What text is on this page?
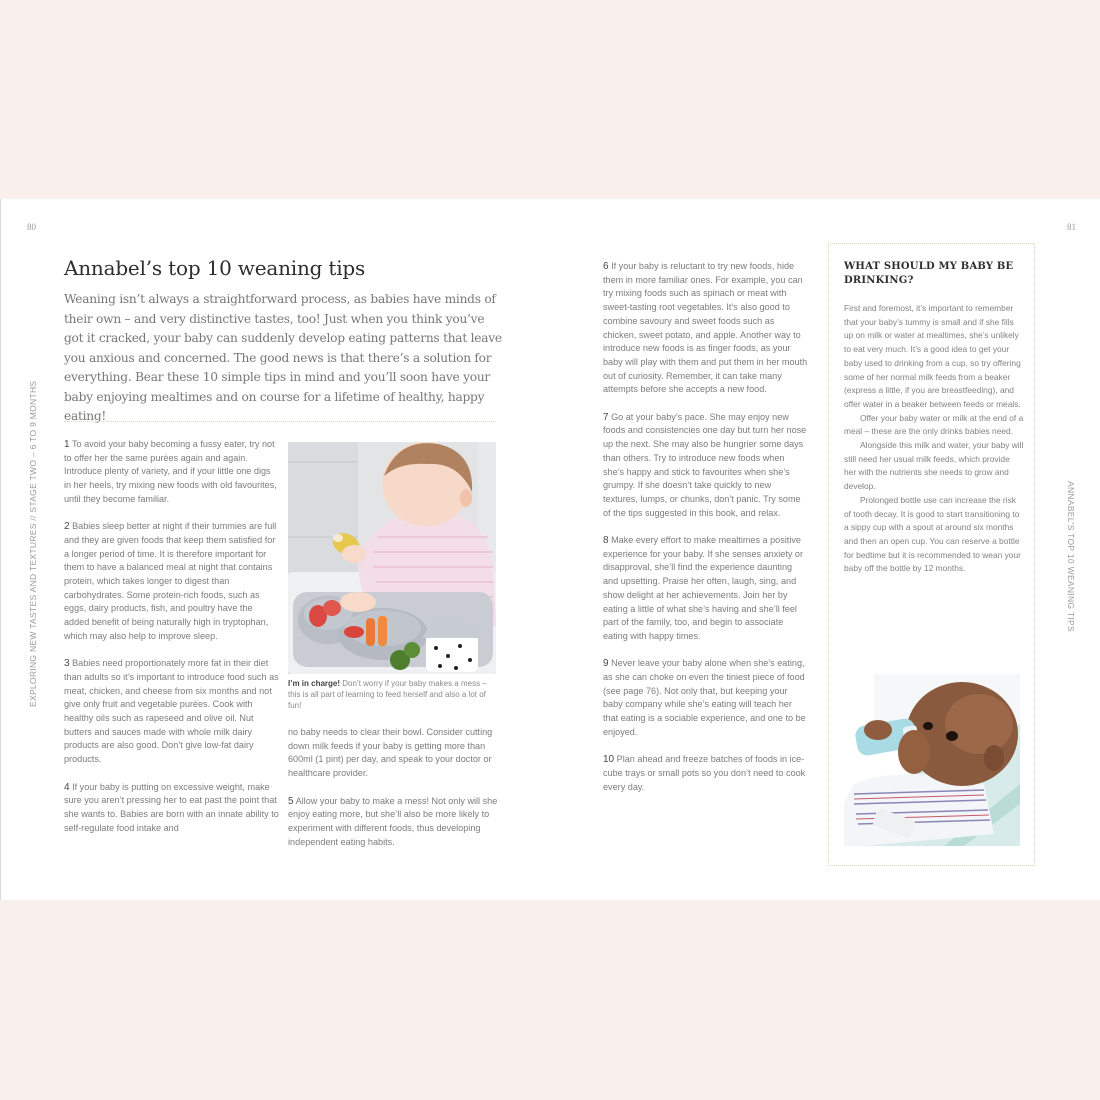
80	81
EXPLORING NEW TASTES AND TEXTURES // STAGE TWO – 6 TO 9 MONTHS	ANNABEL'S TOP 10 WEANING TIPS
Annabel’s top 10 weaning tips

Weaning isn’t always a straightforward process, as babies have minds of their own – and very distinctive tastes, too! Just when you think you’ve got it cracked, your baby can suddenly develop eating patterns that leave you anxious and concerned. The good news is that there’s a solution for everything. Bear these 10 simple tips in mind and you’ll soon have your baby enjoying mealtimes and on course for a lifetime of healthy, happy eating!

1 To avoid your baby becoming a fussy eater, try not to offer her the same purées again and again. Introduce plenty of variety, and if your little one digs in her heels, try mixing new foods with old favourites, until they become familiar.

2 Babies sleep better at night if their tummies are full and they are given foods that keep them satisfied for a longer period of time. It is therefore important for them to have a balanced meal at night that contains protein, which takes longer to digest than carbohydrates. Some protein-rich foods, such as eggs, dairy products, fish, and poultry have the added benefit of being naturally high in tryptophan, which may also help to improve sleep.

3 Babies need proportionately more fat in their diet than adults so it’s important to introduce food such as meat, chicken, and cheese from six months and not give only fruit and vegetable purées. Cook with healthy oils such as rapeseed and olive oil. Nut butters and sauces made with whole milk dairy products are also good. Don’t give low-fat dairy products.

4 If your baby is putting on excessive weight, make sure you aren’t pressing her to eat past the point that she wants to. Babies are born with an innate ability to self-regulate food intake and

I’m in charge! Don’t worry if your baby makes a mess – this is all part of learning to feed herself and also a lot of fun!

no baby needs to clear their bowl. Consider cutting down milk feeds if your baby is getting more than 600ml (1 pint) per day, and speak to your doctor or healthcare provider.

5 Allow your baby to make a mess! Not only will she enjoy eating more, but she’ll also be more likely to experiment with different foods, thus developing independent eating habits.

6 If your baby is reluctant to try new foods, hide them in more familiar ones. For example, you can try mixing foods such as spinach or meat with sweet-tasting root vegetables. It’s also good to combine savoury and sweet foods such as chicken, sweet potato, and apple. Another way to introduce new foods is as finger foods, as your baby will play with them and put them in her mouth out of curiosity. Remember, it can take many attempts before she accepts a new food.

7 Go at your baby’s pace. She may enjoy new foods and consistencies one day but turn her nose up the next. She may also be hungrier some days than others. Try to introduce new foods when she’s happy and stick to favourites when she’s grumpy. If she doesn’t take quickly to new textures, lumps, or chunks, don’t panic. Try some of the tips suggested in this book, and relax.

8 Make every effort to make mealtimes a positive experience for your baby. If she senses anxiety or disapproval, she’ll find the experience daunting and upsetting. Praise her often, laugh, sing, and show delight at her achievements. Join her by eating a little of what she’s having and she’ll feel part of the family, too, and begin to associate eating with happy times.

9 Never leave your baby alone when she’s eating, as she can choke on even the tiniest piece of food (see page 76). Not only that, but keeping your baby company while she’s eating will teach her that eating is a sociable experience, and one to be enjoyed.

10 Plan ahead and freeze batches of foods in ice-cube trays or small pots so you don’t need to cook every day.

WHAT SHOULD MY BABY BE DRINKING?

First and foremost, it’s important to remember that your baby’s tummy is small and if she fills up on milk or water at mealtimes, she’s unlikely to eat very much. It’s a good idea to get your baby used to drinking from a cup, so try offering some of her normal milk feeds from a beaker (express a little, if you are breastfeeding), and offer water in a beaker between feeds or meals.

Offer your baby water or milk at the end of a meal – these are the only drinks babies need.

Alongside this milk and water, your baby will still need her usual milk feeds, which provide her with the nutrients she needs to grow and develop.

Prolonged bottle use can increase the risk of tooth decay. It is good to start transitioning to a sippy cup with a spout at around six months and then an open cup. You can reserve a bottle for bedtime but it is recommended to wean your baby off the bottle by 12 months.
